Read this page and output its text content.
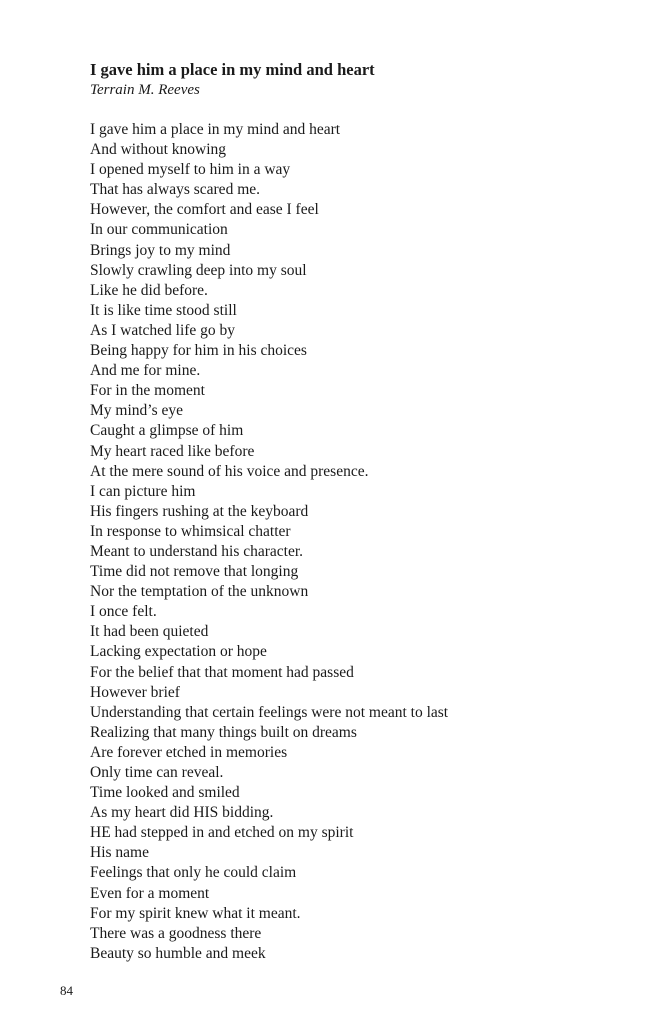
I gave him a place in my mind and heart
Terrain M. Reeves
I gave him a place in my mind and heart
And without knowing
I opened myself to him in a way
That has always scared me.
However, the comfort and ease I feel
In our communication
Brings joy to my mind
Slowly crawling deep into my soul
Like he did before.
It is like time stood still
As I watched life go by
Being happy for him in his choices
And me for mine.
For in the moment
My mind’s eye
Caught a glimpse of him
My heart raced like before
At the mere sound of his voice and presence.
I can picture him
His fingers rushing at the keyboard
In response to whimsical chatter
Meant to understand his character.
Time did not remove that longing
Nor the temptation of the unknown
I once felt.
It had been quieted
Lacking expectation or hope
For the belief that that moment had passed
However brief
Understanding that certain feelings were not meant to last
Realizing that many things built on dreams
Are forever etched in memories
Only time can reveal.
Time looked and smiled
As my heart did HIS bidding.
HE had stepped in and etched on my spirit
His name
Feelings that only he could claim
Even for a moment
For my spirit knew what it meant.
There was a goodness there
Beauty so humble and meek
84
